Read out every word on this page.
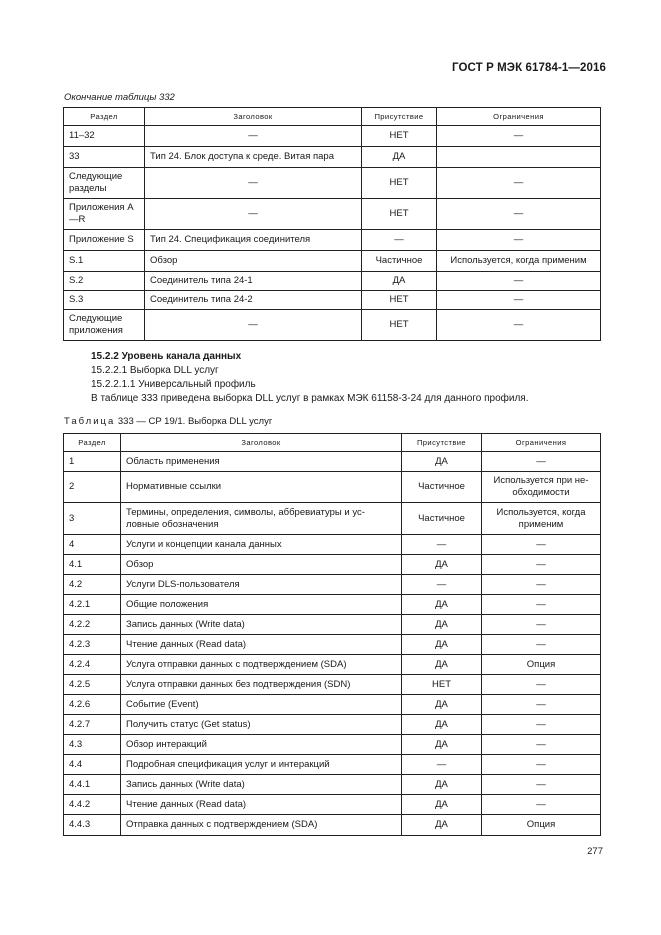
ГОСТ Р МЭК 61784-1—2016
Окончание таблицы 332
Раздел	Заголовок	Присутствие	Ограничения
11–32	—	НЕТ	—
33	Тип 24. Блок доступа к среде. Витая пара	ДА	
Следующие разделы	—	НЕТ	—
Приложения A—R	—	НЕТ	—
Приложение S	Тип 24. Спецификация соединителя	—	—
S.1	Обзор	Частичное	Используется, когда применим
S.2	Соединитель типа 24-1	ДА	—
S.3	Соединитель типа 24-2	НЕТ	—
Следующие приложения	—	НЕТ	—
15.2.2 Уровень канала данных
15.2.2.1 Выборка DLL услуг
15.2.2.1.1 Универсальный профиль
В таблице 333 приведена выборка DLL услуг в рамках МЭК 61158-3-24 для данного профиля.
Таблица 333 — CP 19/1. Выборка DLL услуг
Раздел	Заголовок	Присутствие	Ограничения
1	Область применения	ДА	—
2	Нормативные ссылки	Частичное	Используется при не-обходимости
3	Термины, определения, символы, аббревиатуры и ус-ловные обозначения	Частичное	Используется, когда применим
4	Услуги и концепции канала данных	—	—
4.1	Обзор	ДА	—
4.2	Услуги DLS-пользователя	—	—
4.2.1	Общие положения	ДА	—
4.2.2	Запись данных (Write data)	ДА	—
4.2.3	Чтение данных (Read data)	ДА	—
4.2.4	Услуга отправки данных с подтверждением (SDA)	ДА	Опция
4.2.5	Услуга отправки данных без подтверждения (SDN)	НЕТ	—
4.2.6	Событие (Event)	ДА	—
4.2.7	Получить статус (Get status)	ДА	—
4.3	Обзор интеракций	ДА	—
4.4	Подробная спецификация услуг и интеракций	—	—
4.4.1	Запись данных (Write data)	ДА	—
4.4.2	Чтение данных (Read data)	ДА	—
4.4.3	Отправка данных с подтверждением (SDA)	ДА	Опция
277
